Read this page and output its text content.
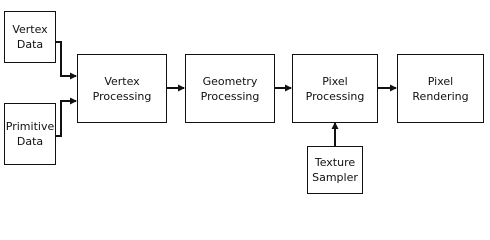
Vertex
Data
Primitive
Data
Vertex
Processing
Geometry
Processing
Pixel
Processing
Pixel
Rendering
Texture
Sampler
